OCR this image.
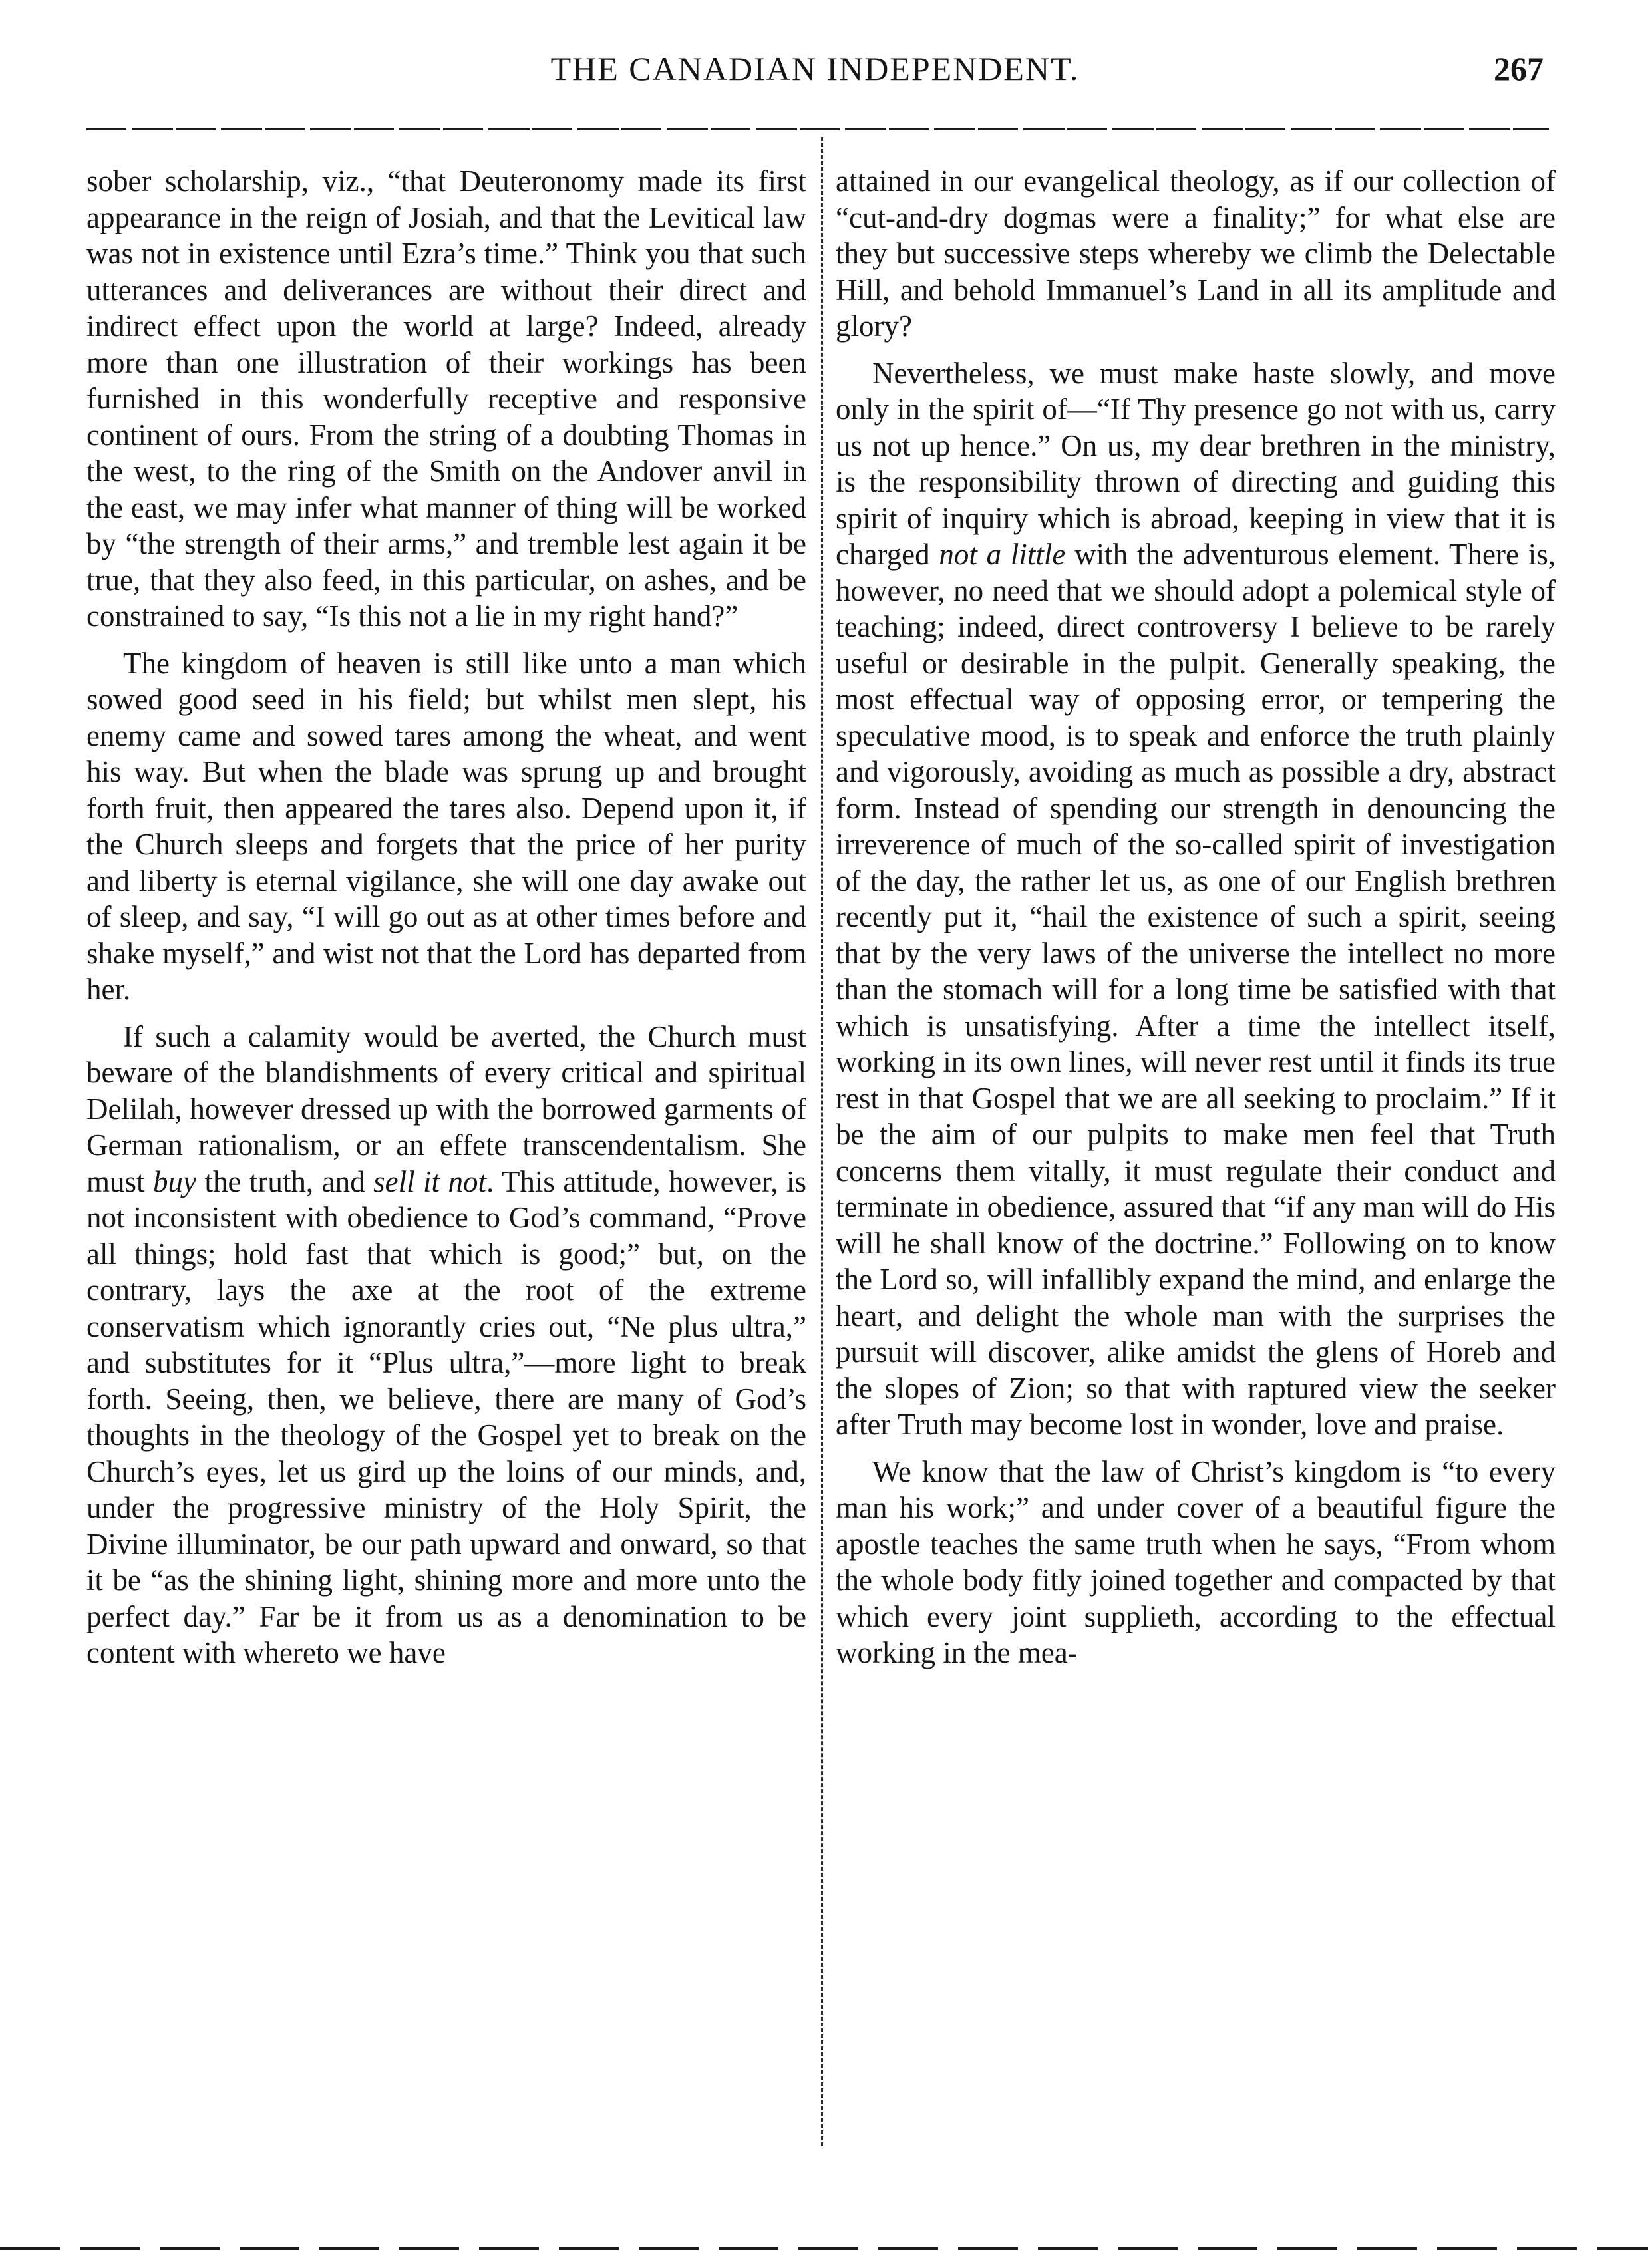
THE CANADIAN INDEPENDENT.	267

sober scholarship, viz., “that Deuteronomy made its first appearance in the reign of Josiah, and that the Levitical law was not in existence until Ezra’s time.” Think you that such utterances and deliverances are without their direct and indirect effect upon the world at large? Indeed, already more than one illustration of their workings has been furnished in this wonderfully receptive and responsive continent of ours. From the string of a doubting Thomas in the west, to the ring of the Smith on the Andover anvil in the east, we may infer what manner of thing will be worked by “the strength of their arms,” and tremble lest again it be true, that they also feed, in this particular, on ashes, and be constrained to say, “Is this not a lie in my right hand?”

The kingdom of heaven is still like unto a man which sowed good seed in his field; but whilst men slept, his enemy came and sowed tares among the wheat, and went his way. But when the blade was sprung up and brought forth fruit, then appeared the tares also. Depend upon it, if the Church sleeps and forgets that the price of her purity and liberty is eternal vigilance, she will one day awake out of sleep, and say, “I will go out as at other times before and shake myself,” and wist not that the Lord has departed from her.

If such a calamity would be averted, the Church must beware of the blandishments of every critical and spiritual Delilah, however dressed up with the borrowed garments of German rationalism, or an effete transcendentalism. She must buy the truth, and sell it not. This attitude, however, is not inconsistent with obedience to God’s command, “Prove all things; hold fast that which is good;” but, on the contrary, lays the axe at the root of the extreme conservatism which ignorantly cries out, “Ne plus ultra,” and substitutes for it “Plus ultra,”—more light to break forth. Seeing, then, we believe, there are many of God’s thoughts in the theology of the Gospel yet to break on the Church’s eyes, let us gird up the loins of our minds, and, under the progressive ministry of the Holy Spirit, the Divine illuminator, be our path upward and onward, so that it be “as the shining light, shining more and more unto the perfect day.” Far be it from us as a denomination to be content with whereto we have

attained in our evangelical theology, as if our collection of “cut-and-dry dogmas were a finality;” for what else are they but successive steps whereby we climb the Delectable Hill, and behold Immanuel’s Land in all its amplitude and glory?

Nevertheless, we must make haste slowly, and move only in the spirit of—“If Thy presence go not with us, carry us not up hence.” On us, my dear brethren in the ministry, is the responsibility thrown of directing and guiding this spirit of inquiry which is abroad, keeping in view that it is charged not a little with the adventurous element. There is, however, no need that we should adopt a polemical style of teaching; indeed, direct controversy I believe to be rarely useful or desirable in the pulpit. Generally speaking, the most effectual way of opposing error, or tempering the speculative mood, is to speak and enforce the truth plainly and vigorously, avoiding as much as possible a dry, abstract form. Instead of spending our strength in denouncing the irreverence of much of the so-called spirit of investigation of the day, the rather let us, as one of our English brethren recently put it, “hail the existence of such a spirit, seeing that by the very laws of the universe the intellect no more than the stomach will for a long time be satisfied with that which is unsatisfying. After a time the intellect itself, working in its own lines, will never rest until it finds its true rest in that Gospel that we are all seeking to proclaim.” If it be the aim of our pulpits to make men feel that Truth concerns them vitally, it must regulate their conduct and terminate in obedience, assured that “if any man will do His will he shall know of the doctrine.” Following on to know the Lord so, will infallibly expand the mind, and enlarge the heart, and delight the whole man with the surprises the pursuit will discover, alike amidst the glens of Horeb and the slopes of Zion; so that with raptured view the seeker after Truth may become lost in wonder, love and praise.

We know that the law of Christ’s kingdom is “to every man his work;” and under cover of a beautiful figure the apostle teaches the same truth when he says, “From whom the whole body fitly joined together and compacted by that which every joint supplieth, according to the effectual working in the mea-
